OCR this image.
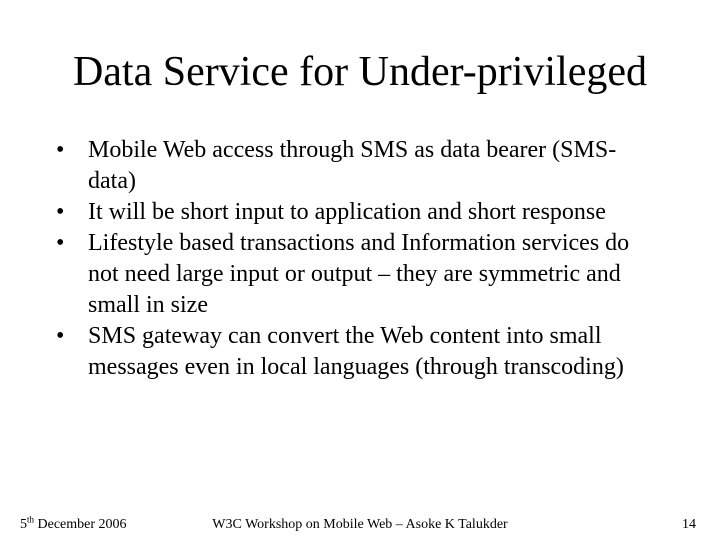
Data Service for Under-privileged
• Mobile Web access through SMS as data bearer (SMS-data)
• It will be short input to application and short response
• Lifestyle based transactions and Information services do not need large input or output – they are symmetric and small in size
• SMS gateway can convert the Web content into small messages even in local languages (through transcoding)
5th December 2006	W3C Workshop on Mobile Web – Asoke K Talukder	14
